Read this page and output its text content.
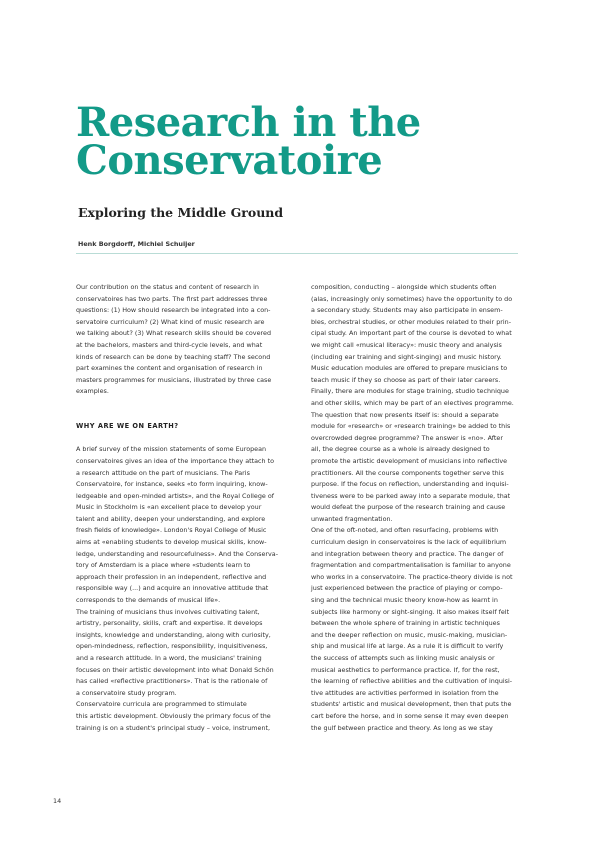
Research in the Conservatoire
Exploring the Middle Ground
Henk Borgdorff, Michiel Schuijer

Our contribution on the status and content of research in

conservatoires has two parts. The first part addresses three

questions: (1) How should research be integrated into a con-

servatoire curriculum? (2) What kind of music research are

we talking about? (3) What research skills should be covered

at the bachelors, masters and third-cycle levels, and what

kinds of research can be done by teaching staff? The second

part examines the content and organisation of research in

masters programmes for musicians, illustrated by three case

examples.

WHY ARE WE ON EARTH?

A brief survey of the mission statements of some European

conservatoires gives an idea of the importance they attach to

a research attitude on the part of musicians. The Paris

Conservatoire, for instance, seeks «to form inquiring, know-

ledgeable and open-minded artists», and the Royal College of

Music in Stockholm is «an excellent place to develop your

talent and ability, deepen your understanding, and explore

fresh fields of knowledge». London's Royal College of Music

aims at «enabling students to develop musical skills, know-

ledge, understanding and resourcefulness». And the Conserva-

tory of Amsterdam is a place where «students learn to

approach their profession in an independent, reflective and

responsible way (...) and acquire an innovative attitude that

corresponds to the demands of musical life».

The training of musicians thus involves cultivating talent,

artistry, personality, skills, craft and expertise. It develops

insights, knowledge and understanding, along with curiosity,

open-mindedness, reflection, responsibility, inquisitiveness,

and a research attitude. In a word, the musicians' training

focuses on their artistic development into what Donald Schön

has called «reflective practitioners». That is the rationale of

a conservatoire study program.

Conservatoire curricula are programmed to stimulate

this artistic development. Obviously the primary focus of the

training is on a student's principal study – voice, instrument,

composition, conducting – alongside which students often

(alas, increasingly only sometimes) have the opportunity to do

a secondary study. Students may also participate in ensem-

bles, orchestral studies, or other modules related to their prin-

cipal study. An important part of the course is devoted to what

we might call «musical literacy»: music theory and analysis

(including ear training and sight-singing) and music history.

Music education modules are offered to prepare musicians to

teach music if they so choose as part of their later careers.

Finally, there are modules for stage training, studio technique

and other skills, which may be part of an electives programme.

The question that now presents itself is: should a separate

module for «research» or «research training» be added to this

overcrowded degree programme? The answer is «no». After

all, the degree course as a whole is already designed to

promote the artistic development of musicians into reflective

practitioners. All the course components together serve this

purpose. If the focus on reflection, understanding and inquisi-

tiveness were to be parked away into a separate module, that

would defeat the purpose of the research training and cause

unwanted fragmentation.

One of the oft-noted, and often resurfacing, problems with

curriculum design in conservatoires is the lack of equilibrium

and integration between theory and practice. The danger of

fragmentation and compartmentalisation is familiar to anyone

who works in a conservatoire. The practice-theory divide is not

just experienced between the practice of playing or compo-

sing and the technical music theory know-how as learnt in

subjects like harmony or sight-singing. It also makes itself felt

between the whole sphere of training in artistic techniques

and the deeper reflection on music, music-making, musician-

ship and musical life at large. As a rule it is difficult to verify

the success of attempts such as linking music analysis or

musical aesthetics to performance practice. If, for the rest,

the learning of reflective abilities and the cultivation of inquisi-

tive attitudes are activities performed in isolation from the

students' artistic and musical development, then that puts the

cart before the horse, and in some sense it may even deepen

the gulf between practice and theory. As long as we stay

14
